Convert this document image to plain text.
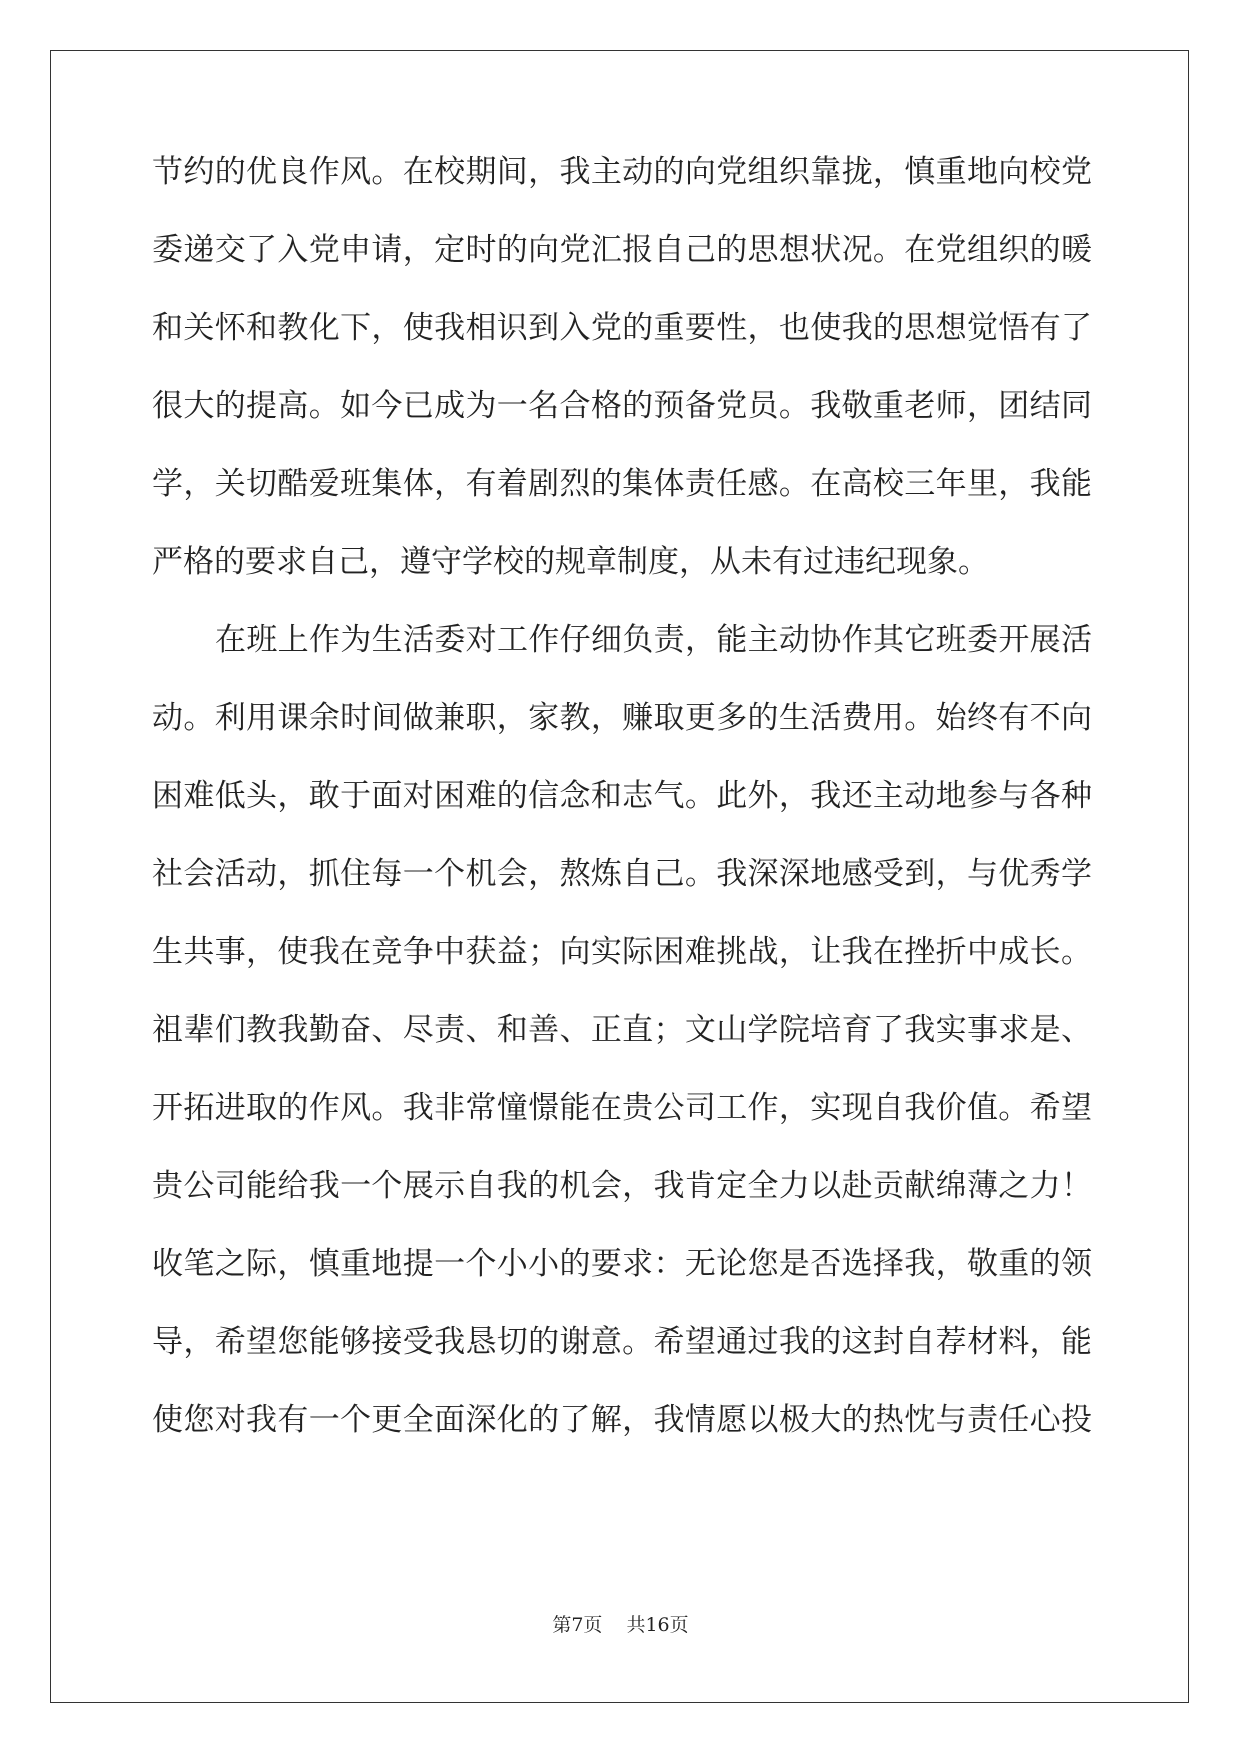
节约的优良作风。在校期间，我主动的向党组织靠拢，慎重地向校党
委递交了入党申请，定时的向党汇报自己的思想状况。在党组织的暖
和关怀和教化下，使我相识到入党的重要性，也使我的思想觉悟有了
很大的提高。如今已成为一名合格的预备党员。我敬重老师，团结同
学，关切酷爱班集体，有着剧烈的集体责任感。在高校三年里，我能
严格的要求自己，遵守学校的规章制度，从未有过违纪现象。
在班上作为生活委对工作仔细负责，能主动协作其它班委开展活
动。利用课余时间做兼职，家教，赚取更多的生活费用。始终有不向
困难低头，敢于面对困难的信念和志气。此外，我还主动地参与各种
社会活动，抓住每一个机会，熬炼自己。我深深地感受到，与优秀学
生共事，使我在竞争中获益；向实际困难挑战，让我在挫折中成长。
祖辈们教我勤奋、尽责、和善、正直；文山学院培育了我实事求是、
开拓进取的作风。我非常憧憬能在贵公司工作，实现自我价值。希望
贵公司能给我一个展示自我的机会，我肯定全力以赴贡献绵薄之力！
收笔之际，慎重地提一个小小的要求：无论您是否选择我，敬重的领
导，希望您能够接受我恳切的谢意。希望通过我的这封自荐材料，能
使您对我有一个更全面深化的了解，我情愿以极大的热忱与责任心投
第7页 共16页
